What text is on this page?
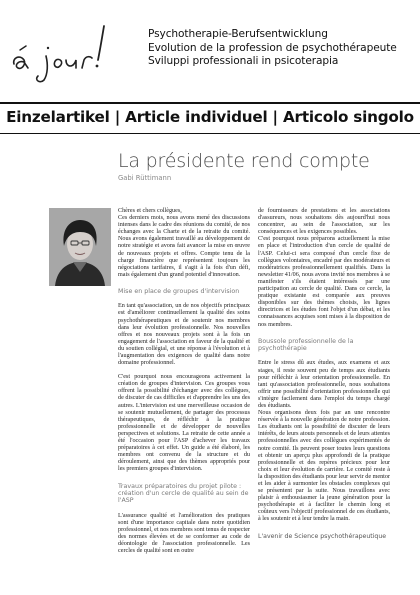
Psychotherapie-Berufsentwicklung
Evolution de la profession de psychothérapeute
Sviluppi professionali in psicoterapia
Einzelartikel | Article individuel | Articolo singolo
La présidente rend compte
Gabi Rüttimann

Chères et chers collègues,

Ces derniers mois, nous avons mené des discussions intenses dans le cadre des réunions du comité, de nos échanges avec la Charte et de la retraite du comité. Nous avons également travaillé au développement de notre stratégie et avons fait avancer la mise en œuvre de nouveaux projets et offres. Compte tenu de la charge financière que représentent toujours les négociations tarifaires, il s'agit à la fois d'un défi, mais également d'un grand potentiel d'innovation.

Mise en place de groupes d'intervision

En tant qu'association, un de nos objectifs principaux est d'améliorer continuellement la qualité des soins psychothérapeutiques et de soutenir nos membres dans leur évolution professionnelle. Nos nouvelles offres et nos nouveaux projets sont à la fois un engagement de l'association en faveur de la qualité et du soutien collégial, et une réponse à l'évolution et à l'augmentation des exigences de qualité dans notre domaine professionnel.

C'est pourquoi nous encourageons activement la création de groupes d'intervision. Ces groupes vous offrent la possibilité d'échanger avec des collègues, de discuter de cas difficiles et d'apprendre les uns des autres. L'intervision est une merveilleuse occasion de se soutenir mutuellement, de partager des processus thérapeutiques, de réfléchir à la pratique professionnelle et de développer de nouvelles perspectives et solutions. La retraite de cette année a été l'occasion pour l'ASP d'achever les travaux préparatoires à cet effet. Un guide a été élaboré, les membres ont convenu de la structure et du déroulement, ainsi que des thèmes appropriés pour les premiers groupes d'intervision.

Travaux préparatoires du projet pilote : création d'un cercle de qualité au sein de l'ASP

L'assurance qualité et l'amélioration des pratiques sont d'une importance capitale dans notre quotidien professionnel, et nos membres sont tenus de respecter des normes élevées et de se conformer au code de déontologie de l'association professionnelle. Les cercles de qualité sont en outre

de fournisseurs de prestations et les associations d'assureurs, nous souhaitons dès aujourd'hui nous concentrer, au sein de l'association, sur les conséquences et les exigences possibles.

C'est pourquoi nous préparons actuellement la mise en place et l'introduction d'un cercle de qualité de l'ASP. Celui-ci sera composé d'un cercle fixe de collègues volontaires, encadré par des modérateurs et modératrices professionnellement qualifiés. Dans la newsletter 41/06, nous avons invité nos membres à se manifester s'ils étaient intéressés par une participation au cercle de qualité. Dans ce cercle, la pratique existante est comparée aux preuves disponibles sur des thèmes choisis, les lignes directrices et les études font l'objet d'un débat, et les connaissances acquises sont mises à la disposition de nos membres.

Boussole professionnelle de la psychothérapie

Entre le stress dû aux études, aux examens et aux stages, il reste souvent peu de temps aux étudiants pour réfléchir à leur orientation professionnelle. En tant qu'association professionnelle, nous souhaitons offrir une possibilité d'orientation professionnelle qui s'intègre facilement dans l'emploi du temps chargé des étudiants.

Nous organisons deux fois par an une rencontre réservée à la nouvelle génération de notre profession. Les étudiants ont la possibilité de discuter de leurs intérêts, de leurs atouts personnels et de leurs attentes professionnelles avec des collègues expérimentés de notre comité. Ils peuvent poser toutes leurs questions et obtenir un aperçu plus approfondi de la pratique professionnelle et des repères précieux pour leur choix et leur évolution de carrière. Le comité reste à la disposition des étudiants pour leur servir de mentor et les aider à surmonter les obstacles complexes qui se présentent par la suite. Nous travaillons avec plaisir à enthousiasmer la jeune génération pour la psychothérapie et à faciliter le chemin long et coûteux vers l'objectif professionnel de ces étudiants, à les soutenir et à leur tendre la main.

L'avenir de Science psychothérapeutique
